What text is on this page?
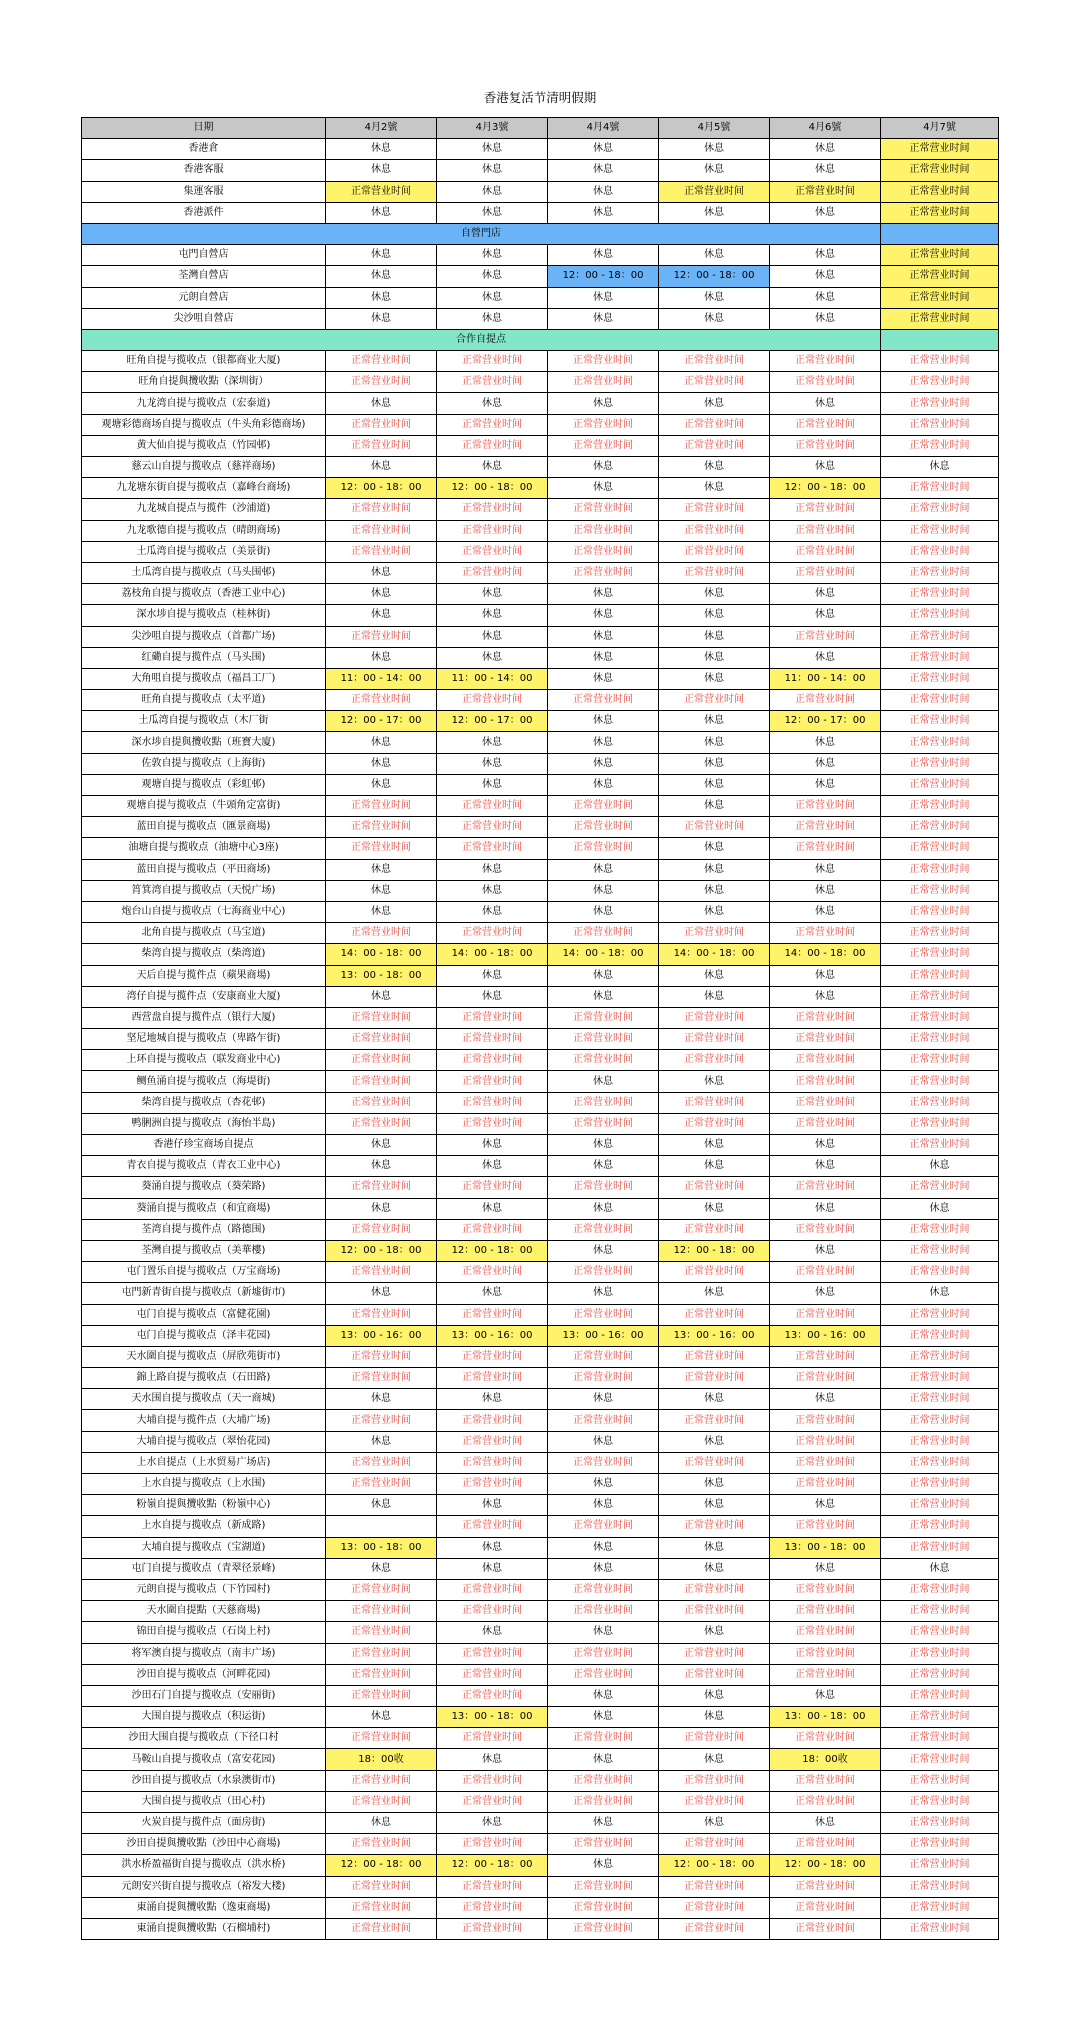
香港复活节清明假期
日期	4月2號	4月3號	4月4號	4月5號	4月6號	4月7號
香港倉	休息	休息	休息	休息	休息	正常营业时间
香港客服	休息	休息	休息	休息	休息	正常营业时间
集運客服	正常营业时间	休息	休息	正常营业时间	正常营业时间	正常营业时间
香港派件	休息	休息	休息	休息	休息	正常营业时间
自營門店						
屯門自營店	休息	休息	休息	休息	休息	正常营业时间
荃灣自營店	休息	休息	12：00 - 18：00	12：00 - 18：00	休息	正常营业时间
元朗自營店	休息	休息	休息	休息	休息	正常营业时间
尖沙咀自營店	休息	休息	休息	休息	休息	正常营业时间
合作自提点						
旺角自提与揽收点（银都商业大厦)	正常营业时间	正常营业时间	正常营业时间	正常营业时间	正常营业时间	正常营业时间
旺角自提與攬收點（深圳街）	正常营业时间	正常营业时间	正常营业时间	正常营业时间	正常营业时间	正常营业时间
九龙湾自提与揽收点（宏泰道)	休息	休息	休息	休息	休息	正常营业时间
观塘彩德商场自提与揽收点（牛头角彩德商场)	正常营业时间	正常营业时间	正常营业时间	正常营业时间	正常营业时间	正常营业时间
黄大仙自提与揽收点（竹园邨)	正常营业时间	正常营业时间	正常营业时间	正常营业时间	正常营业时间	正常营业时间
慈云山自提与揽收点（慈祥商场)	休息	休息	休息	休息	休息	休息
九龙塘东街自提与揽收点（嘉峰台商场)	12：00 - 18：00	12：00 - 18：00	休息	休息	12：00 - 18：00	正常营业时间
九龙城自提点与揽件（沙浦道)	正常营业时间	正常营业时间	正常营业时间	正常营业时间	正常营业时间	正常营业时间
九龙歌德自提与揽收点（晴朗商场)	正常营业时间	正常营业时间	正常营业时间	正常营业时间	正常营业时间	正常营业时间
土瓜湾自提与揽收点（美景街)	正常营业时间	正常营业时间	正常营业时间	正常营业时间	正常营业时间	正常营业时间
土瓜湾自提与揽收点（马头围邨)	休息	正常营业时间	正常营业时间	正常营业时间	正常营业时间	正常营业时间
荔枝角自提与揽收点（香港工业中心)	休息	休息	休息	休息	休息	正常营业时间
深水埗自提与揽收点（桂林街)	休息	休息	休息	休息	休息	正常营业时间
尖沙咀自提与揽收点（首都广场)	正常营业时间	休息	休息	休息	正常营业时间	正常营业时间
红磡自提与揽件点（马头围)	休息	休息	休息	休息	休息	正常营业时间
大角咀自提与揽收点（福昌工厂)	11：00 - 14：00	11：00 - 14：00	休息	休息	11：00 - 14：00	正常营业时间
旺角自提与揽收点（太平道)	正常营业时间	正常营业时间	正常营业时间	正常营业时间	正常营业时间	正常营业时间
土瓜湾自提与揽收点（木厂街	12：00 - 17：00	12：00 - 17：00	休息	休息	12：00 - 17：00	正常营业时间
深水埗自提與攬收點（班寶大廈)	休息	休息	休息	休息	休息	正常营业时间
佐敦自提与揽收点（上海街)	休息	休息	休息	休息	休息	正常营业时间
观塘自提与揽收点（彩虹邨)	休息	休息	休息	休息	休息	正常营业时间
观塘自提与揽收点（牛頭角定富街)	正常营业时间	正常营业时间	正常营业时间	休息	正常营业时间	正常营业时间
蓝田自提与揽收点（匯景商場)	正常营业时间	正常营业时间	正常营业时间	正常营业时间	正常营业时间	正常营业时间
油塘自提与揽收点（油塘中心3座)	正常营业时间	正常营业时间	正常营业时间	休息	正常营业时间	正常营业时间
蓝田自提与揽收点（平田商场)	休息	休息	休息	休息	休息	正常营业时间
筲箕湾自提与揽收点（天悦广场)	休息	休息	休息	休息	休息	正常营业时间
炮台山自提与揽收点（七海商业中心)	休息	休息	休息	休息	休息	正常营业时间
北角自提与揽收点（马宝道)	正常营业时间	正常营业时间	正常营业时间	正常营业时间	正常营业时间	正常营业时间
柴湾自提与揽收点（柴湾道)	14：00 - 18：00	14：00 - 18：00	14：00 - 18：00	14：00 - 18：00	14：00 - 18：00	正常营业时间
天后自提与揽件点（蘋果商場)	13：00 - 18：00	休息	休息	休息	休息	正常营业时间
湾仔自提与揽件点（安康商业大厦)	休息	休息	休息	休息	休息	正常营业时间
西营盘自提与揽件点（银行大厦)	正常营业时间	正常营业时间	正常营业时间	正常营业时间	正常营业时间	正常营业时间
坚尼地城自提与揽收点（卑路乍街)	正常营业时间	正常营业时间	正常营业时间	正常营业时间	正常营业时间	正常营业时间
上环自提与揽收点（联发商业中心)	正常营业时间	正常营业时间	正常营业时间	正常营业时间	正常营业时间	正常营业时间
鲗鱼涌自提与揽收点（海堤街)	正常营业时间	正常营业时间	休息	休息	正常营业时间	正常营业时间
柴湾自提与揽收点（杏花邨)	正常营业时间	正常营业时间	正常营业时间	正常营业时间	正常营业时间	正常营业时间
鸭脷洲自提与揽收点（海怡半島)	正常营业时间	正常营业时间	正常营业时间	正常营业时间	正常营业时间	正常营业时间
香港仔珍宝商场自提点	休息	休息	休息	休息	休息	正常营业时间
青衣自提与揽收点（青衣工业中心)	休息	休息	休息	休息	休息	休息
葵涌自提与揽收点（葵荣路)	正常营业时间	正常营业时间	正常营业时间	正常营业时间	正常营业时间	正常营业时间
葵涌自提与揽收点（和宜商場)	休息	休息	休息	休息	休息	休息
荃湾自提与揽件点（路德围)	正常营业时间	正常营业时间	正常营业时间	正常营业时间	正常营业时间	正常营业时间
荃灣自提与揽收点（美華樓)	12：00 - 18：00	12：00 - 18：00	休息	12：00 - 18：00	休息	正常营业时间
屯门置乐自提与揽收点（万宝商场)	正常营业时间	正常营业时间	正常营业时间	正常营业时间	正常营业时间	正常营业时间
屯門新青街自提与揽收点（新墟街市)	休息	休息	休息	休息	休息	休息
屯门自提与揽收点（富健花園)	正常营业时间	正常营业时间	正常营业时间	正常营业时间	正常营业时间	正常营业时间
屯门自提与揽收点（泽丰花园)	13：00 - 16：00	13：00 - 16：00	13：00 - 16：00	13：00 - 16：00	13：00 - 16：00	正常营业时间
天水圍自提与揽收点（屏欣苑街市)	正常营业时间	正常营业时间	正常营业时间	正常营业时间	正常营业时间	正常营业时间
錦上路自提与揽收点（石田路)	正常营业时间	正常营业时间	正常营业时间	正常营业时间	正常营业时间	正常营业时间
天水围自提与揽收点（天一商城)	休息	休息	休息	休息	休息	正常营业时间
大埔自提与揽件点（大埔广场)	正常营业时间	正常营业时间	正常营业时间	正常营业时间	正常营业时间	正常营业时间
大埔自提与揽收点（翠怡花园)	休息	正常营业时间	休息	休息	正常营业时间	正常营业时间
上水自提点（上水贸易广场店)	正常营业时间	正常营业时间	正常营业时间	正常营业时间	正常营业时间	正常营业时间
上水自提与揽收点（上水围)	正常营业时间	正常营业时间	休息	休息	正常营业时间	正常营业时间
粉嶺自提與攬收點（粉嶺中心)	休息	休息	休息	休息	休息	正常营业时间
上水自提与揽收点（新成路)		正常营业时间	正常营业时间	正常营业时间	正常营业时间	正常营业时间
大埔自提与揽收点（宝湖道)	13：00 - 18：00	休息	休息	休息	13：00 - 18：00	正常营业时间
屯门自提与揽收点（青翠径景峰)	休息	休息	休息	休息	休息	休息
元朗自提与揽收点（下竹园村)	正常营业时间	正常营业时间	正常营业时间	正常营业时间	正常营业时间	正常营业时间
天水圍自提點（天慈商場)	正常营业时间	正常营业时间	正常营业时间	正常营业时间	正常营业时间	正常营业时间
锦田自提与揽收点（石岗上村)	正常营业时间	休息	休息	休息	正常营业时间	正常营业时间
将军澳自提与揽收点（南丰广场)	正常营业时间	正常营业时间	正常营业时间	正常营业时间	正常营业时间	正常营业时间
沙田自提与揽收点（河畔花园)	正常营业时间	正常营业时间	正常营业时间	正常营业时间	正常营业时间	正常营业时间
沙田石门自提与揽收点（安丽街)	正常营业时间	正常营业时间	休息	休息	休息	正常营业时间
大围自提与揽收点（积运街)	休息	13：00 - 18：00	休息	休息	13：00 - 18：00	正常营业时间
沙田大围自提与揽收点（下径口村	正常营业时间	正常营业时间	正常营业时间	正常营业时间	正常营业时间	正常营业时间
马鞍山自提与揽收点（富安花园)	18：00收	休息	休息	休息	18：00收	正常营业时间
沙田自提与揽收点（水泉澳街市)	正常营业时间	正常营业时间	正常营业时间	正常营业时间	正常营业时间	正常营业时间
大围自提与揽收点（田心村)	正常营业时间	正常营业时间	正常营业时间	正常营业时间	正常营业时间	正常营业时间
火炭自提与揽件点（面房街)	休息	休息	休息	休息	休息	正常营业时间
沙田自提與攬收點（沙田中心商場)	正常营业时间	正常营业时间	正常营业时间	正常营业时间	正常营业时间	正常营业时间
洪水桥盈福街自提与揽收点（洪水桥)	12：00 - 18：00	12：00 - 18：00	休息	12：00 - 18：00	12：00 - 18：00	正常营业时间
元朗安兴街自提与揽收点（裕发大楼)	正常营业时间	正常营业时间	正常营业时间	正常营业时间	正常营业时间	正常营业时间
東涌自提與攬收點（逸東商場)	正常营业时间	正常营业时间	正常营业时间	正常营业时间	正常营业时间	正常营业时间
東涌自提與攬收點（石榴埔村)	正常营业时间	正常营业时间	正常营业时间	正常营业时间	正常营业时间	正常营业时间
